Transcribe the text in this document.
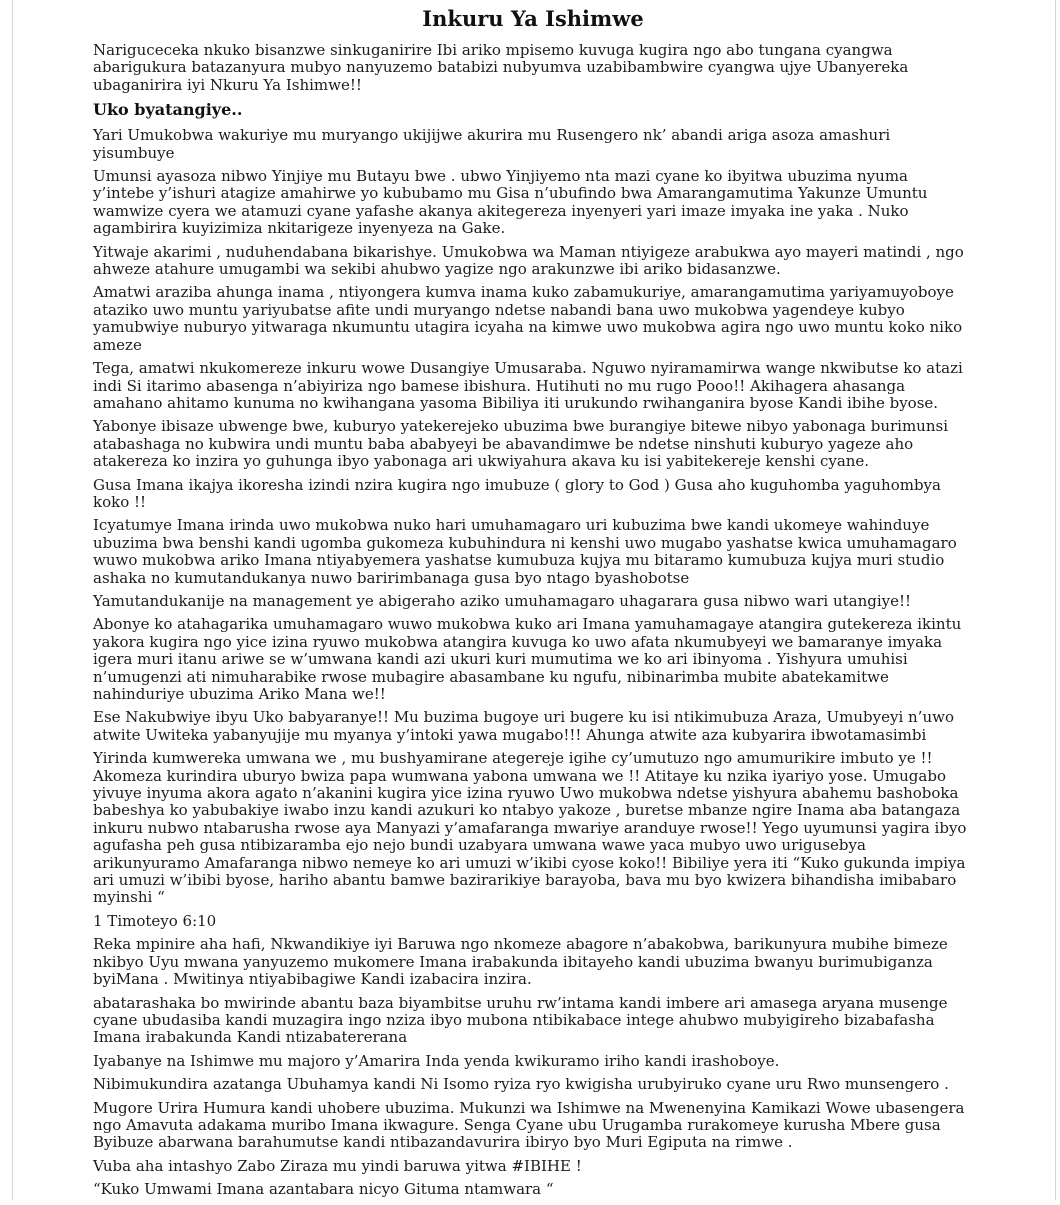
Inkuru Ya Ishimwe

Nariguceceka nkuko bisanzwe sinkuganirire Ibi ariko mpisemo kuvuga kugira ngo abo tungana cyangwa abarigukura batazanyura mubyo nanyuzemo batabizi nubyumva uzabibambwire cyangwa ujye Ubanyereka ubaganirira iyi Nkuru Ya Ishimwe!!

Uko byatangiye..

Yari Umukobwa wakuriye mu muryango ukijijwe akurira mu Rusengero nk’ abandi ariga asoza amashuri yisumbuye

Umunsi ayasoza nibwo Yinjiye mu Butayu bwe . ubwo Yinjiyemo nta mazi cyane ko ibyitwa ubuzima nyuma y’intebe y’ishuri atagize amahirwe yo kububamo mu Gisa n’ubufindo bwa Amarangamutima Yakunze Umuntu wamwize cyera we atamuzi cyane yafashe akanya akitegereza inyenyeri yari imaze imyaka ine yaka . Nuko agambirira kuyizimiza nkitarigeze inyenyeza na Gake.

Yitwaje akarimi , nuduhendabana bikarishye. Umukobwa wa Maman ntiyigeze arabukwa ayo mayeri matindi , ngo ahweze atahure umugambi wa sekibi ahubwo yagize ngo arakunzwe ibi ariko bidasanzwe.

Amatwi araziba ahunga inama , ntiyongera kumva inama kuko zabamukuriye, amarangamutima yariyamuyoboye ataziko uwo muntu yariyubatse afite undi muryango ndetse nabandi bana uwo mukobwa yagendeye kubyo yamubwiye nuburyo yitwaraga nkumuntu utagira icyaha na kimwe uwo mukobwa agira ngo uwo muntu koko niko ameze

Tega, amatwi nkukomereze inkuru wowe Dusangiye Umusaraba. Nguwo nyiramamirwa wange nkwibutse ko atazi indi Si itarimo abasenga n’abiyiriza ngo bamese ibishura. Hutihuti no mu rugo Pooo!! Akihagera ahasanga amahano ahitamo kunuma no kwihangana yasoma Bibiliya iti urukundo rwihanganira byose Kandi ibihe byose.

Yabonye ibisaze ubwenge bwe, kuburyo yatekerejeko ubuzima bwe burangiye bitewe nibyo yabonaga burimunsi atabashaga no kubwira undi muntu baba ababyeyi be abavandimwe be ndetse ninshuti kuburyo yageze aho atakereza ko inzira yo guhunga ibyo yabonaga ari ukwiyahura akava ku isi yabitekereje kenshi cyane.

Gusa Imana ikajya ikoresha izindi nzira kugira ngo imubuze ( glory to God ) Gusa aho kuguhomba yaguhombya koko !!

Icyatumye Imana irinda uwo mukobwa nuko hari umuhamagaro uri kubuzima bwe kandi ukomeye wahinduye ubuzima bwa benshi kandi ugomba gukomeza kubuhindura ni kenshi uwo mugabo yashatse kwica umuhamagaro wuwo mukobwa ariko Imana ntiyabyemera yashatse kumubuza kujya mu bitaramo kumubuza kujya muri studio ashaka no kumutandukanya nuwo baririmbanaga gusa byo ntago byashobotse

Yamutandukanije na management ye abigeraho aziko umuhamagaro uhagarara gusa nibwo wari utangiye!!

Abonye ko atahagarika umuhamagaro wuwo mukobwa kuko ari Imana yamuhamagaye atangira gutekereza ikintu yakora kugira ngo yice izina ryuwo mukobwa atangira kuvuga ko uwo afata nkumubyeyi we bamaranye imyaka igera muri itanu ariwe se w’umwana kandi azi ukuri kuri mumutima we ko ari ibinyoma . Yishyura umuhisi n’umugenzi ati nimuharabike rwose mubagire abasambane ku ngufu, nibinarimba mubite abatekamitwe nahinduriye ubuzima Ariko Mana we!!

Ese Nakubwiye ibyu Uko babyaranye!! Mu buzima bugoye uri bugere ku isi ntikimubuza Araza, Umubyeyi n’uwo atwite Uwiteka yabanyujije mu myanya y’intoki yawa mugabo!!! Ahunga atwite aza kubyarira ibwotamasimbi

Yirinda kumwereka umwana we , mu bushyamirane ategereje igihe cy’umutuzo ngo amumurikire imbuto ye !! Akomeza kurindira uburyo bwiza papa wumwana yabona umwana we !! Atitaye ku nzika iyariyo yose. Umugabo yivuye inyuma akora agato n’akanini kugira yice izina ryuwo Uwo mukobwa ndetse yishyura abahemu bashoboka babeshya ko yabubakiye iwabo inzu kandi azukuri ko ntabyo yakoze , buretse mbanze ngire Inama aba batangaza inkuru nubwo ntabarusha rwose aya Manyazi y’amafaranga mwariye aranduye rwose!! Yego uyumunsi yagira ibyo agufasha peh gusa ntibizaramba ejo nejo bundi uzabyara umwana wawe yaca mubyo uwo urigusebya arikunyuramo Amafaranga nibwo nemeye ko ari umuzi w’ikibi cyose koko!! Bibiliye yera iti “Kuko gukunda impiya ari umuzi w’ibibi byose, hariho abantu bamwe bazirarikiye barayoba, bava mu byo kwizera bihandisha imibabaro myinshi “

1 Timoteyo 6:10

Reka mpinire aha hafi, Nkwandikiye iyi Baruwa ngo nkomeze abagore n’abakobwa, barikunyura mubihe bimeze nkibyo Uyu mwana yanyuzemo mukomere Imana irabakunda ibitayeho kandi ubuzima bwanyu burimubiganza byiMana . Mwitinya ntiyabibagiwe Kandi izabacira inzira.

abatarashaka bo mwirinde abantu baza biyambitse uruhu rw’intama kandi imbere ari amasega aryana musenge cyane ubudasiba kandi muzagira ingo nziza ibyo mubona ntibikabace intege ahubwo mubyigireho bizabafasha Imana irabakunda Kandi ntizabatererana

Iyabanye na Ishimwe mu majoro y’Amarira Inda yenda kwikuramo iriho kandi irashoboye.

Nibimukundira azatanga Ubuhamya kandi Ni Isomo ryiza ryo kwigisha urubyiruko cyane uru Rwo munsengero .

Mugore Urira Humura kandi uhobere ubuzima. Mukunzi wa Ishimwe na Mwenenyina Kamikazi Wowe ubasengera ngo Amavuta adakama muribo Imana ikwagure. Senga Cyane ubu Urugamba rurakomeye kurusha Mbere gusa Byibuze abarwana barahumutse kandi ntibazandavurira ibiryo byo Muri Egiputa na rimwe .

Vuba aha intashyo Zabo Ziraza mu yindi baruwa yitwa #IBIHE !

“Kuko Umwami Imana azantabara nicyo Gituma ntamwara “
